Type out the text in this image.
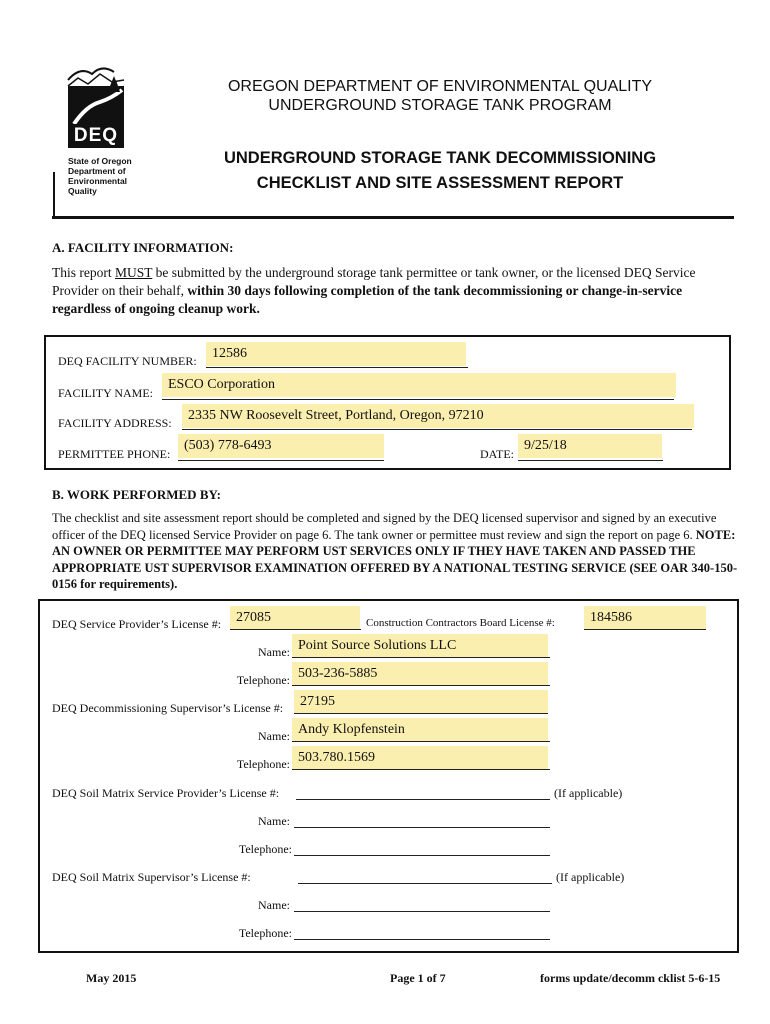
DEQ
State of Oregon
Department of
Environmental
Quality
OREGON DEPARTMENT OF ENVIRONMENTAL QUALITY
UNDERGROUND STORAGE TANK PROGRAM
UNDERGROUND STORAGE TANK DECOMMISSIONING
CHECKLIST AND SITE ASSESSMENT REPORT
A. FACILITY INFORMATION:
This report MUST be submitted by the underground storage tank permittee or tank owner, or the licensed DEQ Service Provider on their behalf, within 30 days following completion of the tank decommissioning or change-in-service regardless of ongoing cleanup work.
DEQ FACILITY NUMBER:	12586
FACILITY NAME:
ESCO Corporation
FACILITY ADDRESS:	2335 NW Roosevelt Street, Portland, Oregon, 97210
PERMITTEE PHONE:
(503) 778-6493
DATE:
9/25/18
B. WORK PERFORMED BY:
The checklist and site assessment report should be completed and signed by the DEQ licensed supervisor and signed by an executive officer of the DEQ licensed Service Provider on page 6. The tank owner or permittee must review and sign the report on page 6. NOTE: AN OWNER OR PERMITTEE MAY PERFORM UST SERVICES ONLY IF THEY HAVE TAKEN AND PASSED THE APPROPRIATE UST SUPERVISOR EXAMINATION OFFERED BY A NATIONAL TESTING SERVICE (SEE OAR 340-150-0156 for requirements).
DEQ Service Provider’s License #:	27085	Construction Contractors Board License #:	184586
Name: Point Source Solutions LLC
Telephone: 503-236-5885
DEQ Decommissioning Supervisor’s License #:	27195
Name: Andy Klopfenstein
Telephone: 503.780.1569
DEQ Soil Matrix Service Provider’s License #:	(If applicable)
Name:
Telephone:
DEQ Soil Matrix Supervisor’s License #:	(If applicable)
Name:
Telephone:
May 2015	Page 1 of 7	forms update/decomm cklist 5-6-15
